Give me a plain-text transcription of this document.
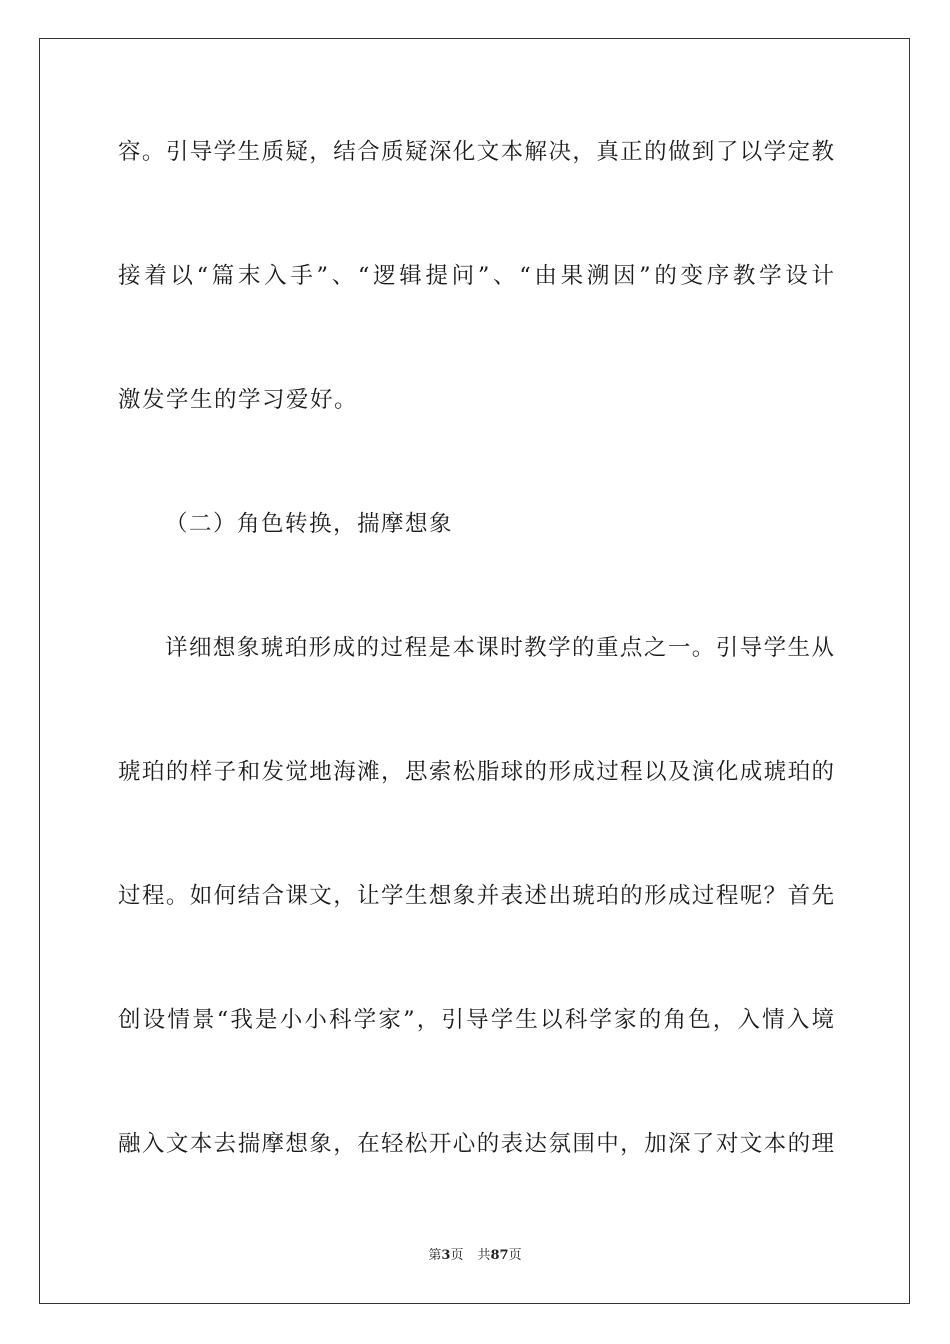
容。引导学生质疑，结合质疑深化文本解决，真正的做到了以学定教
接着以“篇末入手”、“逻辑提问”、“由果溯因”的变序教学设计
激发学生的学习爱好。
（二）角色转换，揣摩想象
详细想象琥珀形成的过程是本课时教学的重点之一。引导学生从
琥珀的样子和发觉地海滩，思索松脂球的形成过程以及演化成琥珀的
过程。如何结合课文，让学生想象并表述出琥珀的形成过程呢？首先
创设情景“我是小小科学家”，引导学生以科学家的角色，入情入境
融入文本去揣摩想象，在轻松开心的表达氛围中，加深了对文本的理
第3页 共87页
